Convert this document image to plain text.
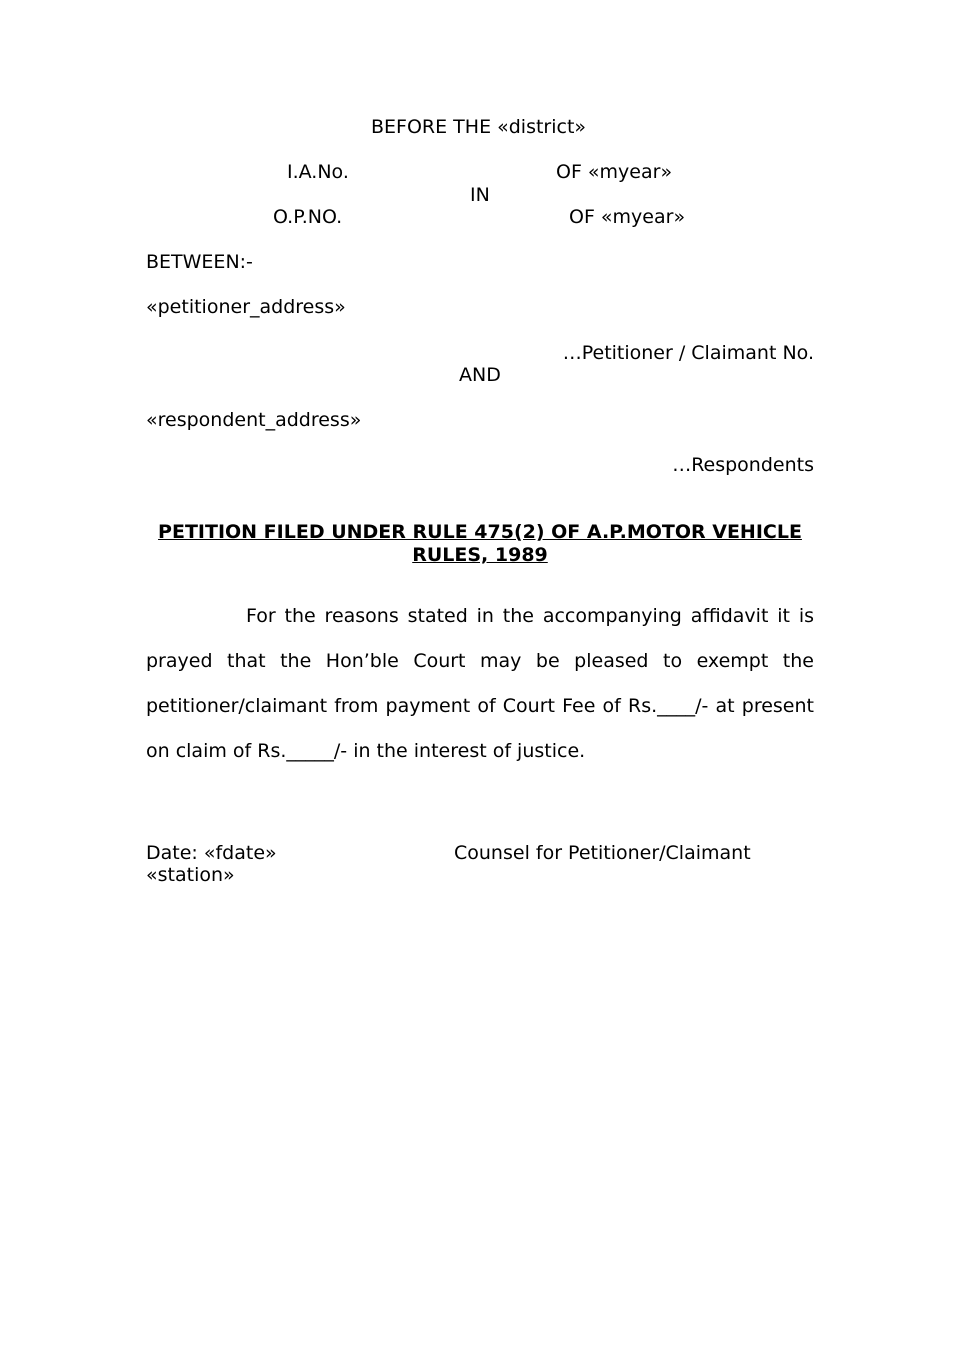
BEFORE THE «district»
I.A.No.	OF «myear»
IN
O.P.NO.	OF «myear»
BETWEEN:-
«petitioner_address»
…Petitioner / Claimant No.
AND
«respondent_address»
…Respondents
PETITION FILED UNDER RULE 475(2) OF A.P.MOTOR VEHICLE
RULES, 1989
For the reasons stated in the accompanying affidavit it is prayed that the Hon’ble Court may be pleased to exempt the petitioner/claimant from payment of Court Fee of Rs.____/- at present on claim of Rs._____/- in the interest of justice.
Date: «fdate»
«station»
Counsel for Petitioner/Claimant
